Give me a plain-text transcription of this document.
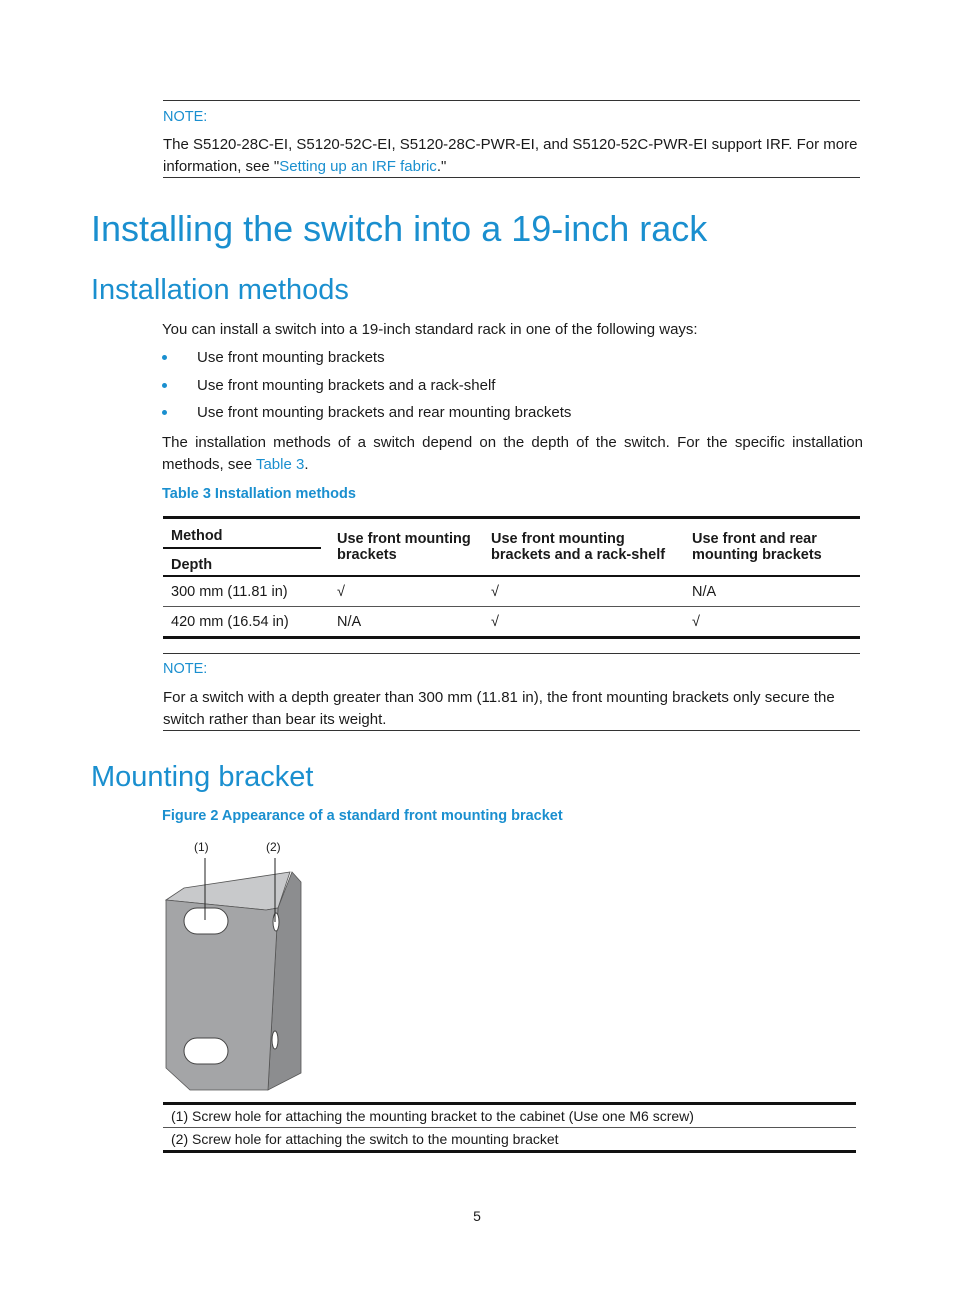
NOTE:
The S5120-28C-EI, S5120-52C-EI, S5120-28C-PWR-EI, and S5120-52C-PWR-EI support IRF. For more information, see "Setting up an IRF fabric."
Installing the switch into a 19-inch rack
Installation methods
You can install a switch into a 19-inch standard rack in one of the following ways:
Use front mounting brackets
Use front mounting brackets and a rack-shelf
Use front mounting brackets and rear mounting brackets
The installation methods of a switch depend on the depth of the switch. For the specific installation methods, see Table 3.
Table 3 Installation methods
Method
Depth	Use front mounting brackets	Use front mounting brackets and a rack-shelf	Use front and rear mounting brackets
300 mm (11.81 in)	√	√	N/A
420 mm (16.54 in)	N/A	√	√
NOTE:
For a switch with a depth greater than 300 mm (11.81 in), the front mounting brackets only secure the switch rather than bear its weight.
Mounting bracket
Figure 2 Appearance of a standard front mounting bracket
(1)	(2)
(1) Screw hole for attaching the mounting bracket to the cabinet (Use one M6 screw)
(2) Screw hole for attaching the switch to the mounting bracket
5
